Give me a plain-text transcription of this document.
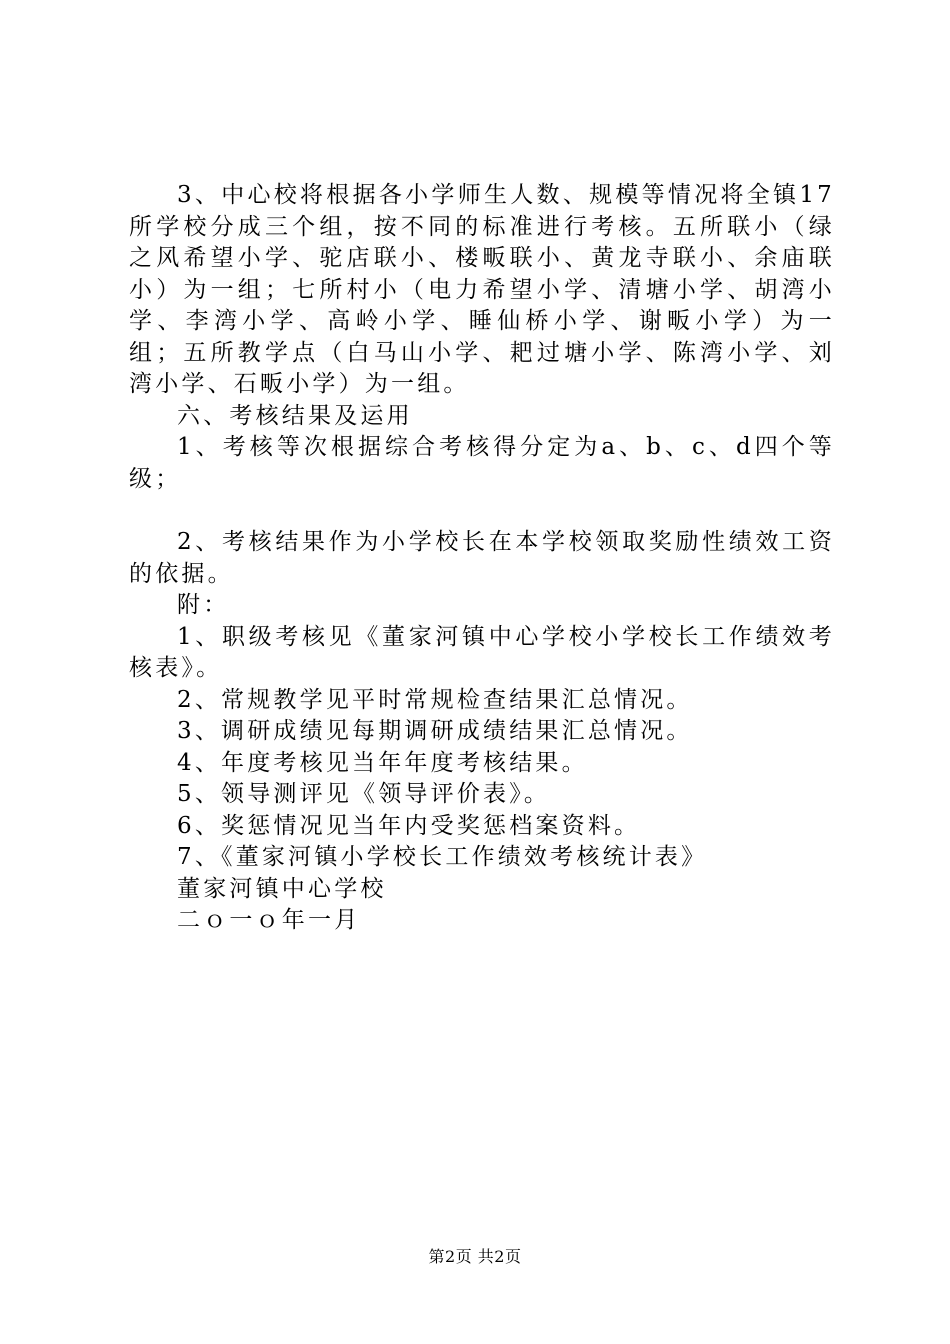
3、中心校将根据各小学师生人数、规模等情况将全镇17所学校分成三个组，按不同的标准进行考核。五所联小（绿之风希望小学、驼店联小、楼畈联小、黄龙寺联小、余庙联小）为一组；七所村小（电力希望小学、清塘小学、胡湾小学、李湾小学、高岭小学、睡仙桥小学、谢畈小学）为一组；五所教学点（白马山小学、耙过塘小学、陈湾小学、刘湾小学、石畈小学）为一组。

六、考核结果及运用

1、考核等次根据综合考核得分定为a、b、c、d四个等级；

2、考核结果作为小学校长在本学校领取奖励性绩效工资的依据。

附：

1、职级考核见《董家河镇中心学校小学校长工作绩效考核表》。

2、常规教学见平时常规检查结果汇总情况。

3、调研成绩见每期调研成绩结果汇总情况。

4、年度考核见当年年度考核结果。

5、领导测评见《领导评价表》。

6、奖惩情况见当年内受奖惩档案资料。

7、《董家河镇小学校长工作绩效考核统计表》

董家河镇中心学校

二ｏ一ｏ年一月

第2页 共2页
